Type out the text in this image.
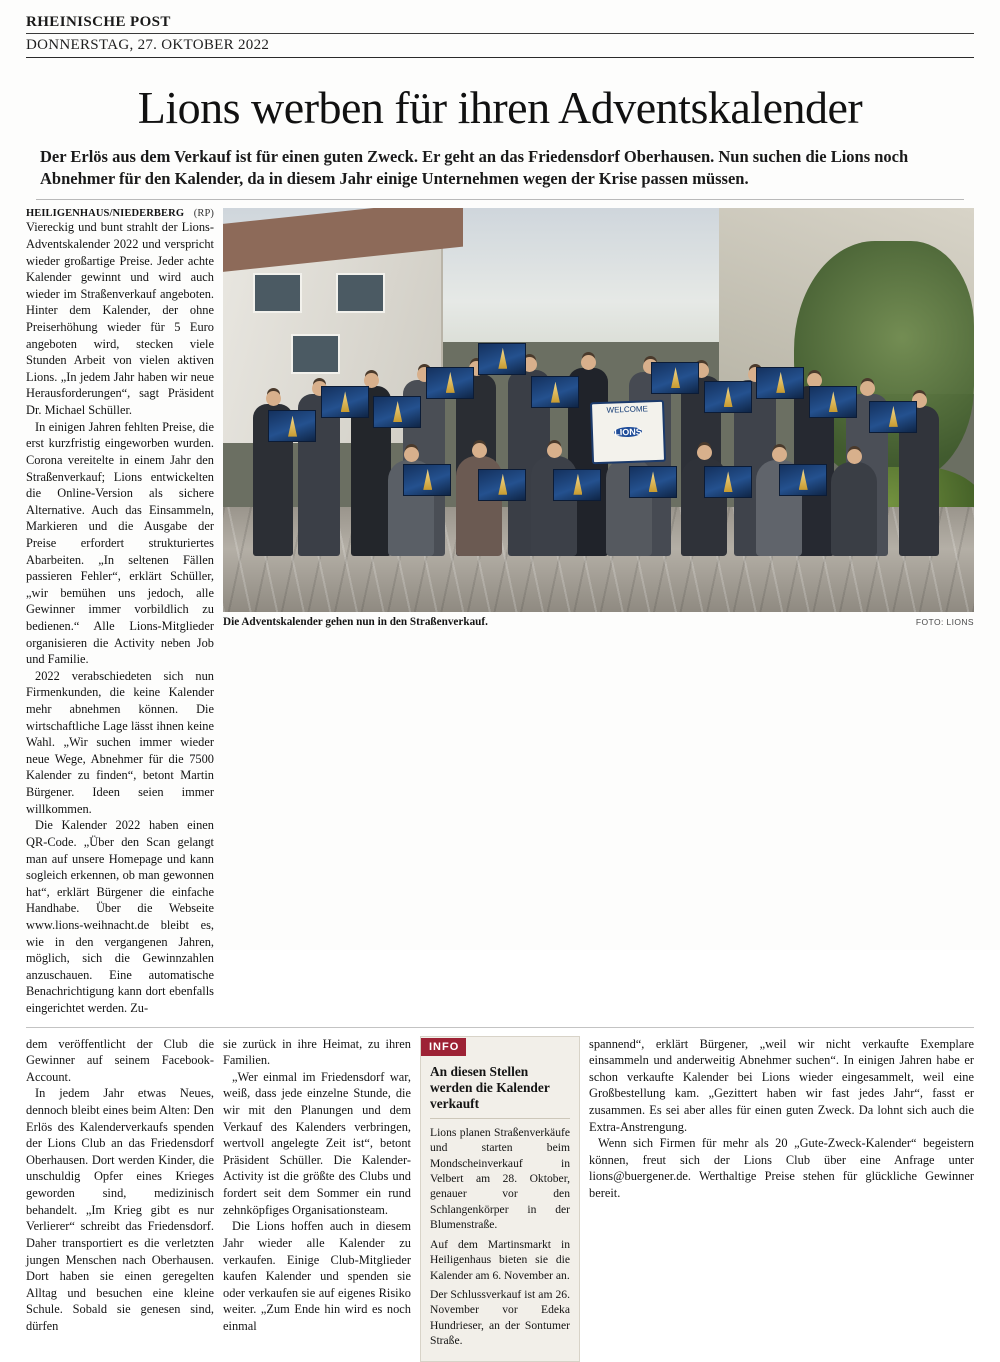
RHEINISCHE POST
DONNERSTAG, 27. OKTOBER 2022
Lions werben für ihren Adventskalender

Der Erlös aus dem Verkauf ist für einen guten Zweck. Er geht an das Friedensdorf Oberhausen. Nun suchen die Lions noch Abnehmer für den Kalender, da in diesem Jahr einige Unternehmen wegen der Krise passen müssen.

(RP)
HEILIGENHAUS/NIEDERBERG

Viereckig und bunt strahlt der Lions-Adventskalender 2022 und verspricht wieder großartige Preise. Jeder achte Kalender gewinnt und wird auch wieder im Straßenverkauf angeboten. Hinter dem Kalender, der ohne Preiserhöhung wieder für 5 Euro angeboten wird, stecken viele Stunden Arbeit von vielen aktiven Lions. „In jedem Jahr haben wir neue Herausforderungen“, sagt Präsident Dr. Michael Schüller.

In einigen Jahren fehlten Preise, die erst kurzfristig eingeworben wurden. Corona vereitelte in einem Jahr den Straßenverkauf; Lions entwickelten die Online-Version als sichere Alternative. Auch das Einsammeln, Markieren und die Ausgabe der Preise erfordert strukturiertes Abarbeiten. „In seltenen Fällen passieren Fehler“, erklärt Schüller, „wir bemühen uns jedoch, alle Gewinner immer vorbildlich zu bedienen.“ Alle Lions-Mitglieder organisieren die Activity neben Job und Familie.

2022 verabschiedeten sich nun Firmenkunden, die keine Kalender mehr abnehmen können. Die wirtschaftliche Lage lässt ihnen keine Wahl. „Wir suchen immer wieder neue Wege, Abnehmer für die 7500 Kalender zu finden“, betont Martin Bürgener. Ideen seien immer willkommen.

Die Kalender 2022 haben einen QR-Code. „Über den Scan gelangt man auf unsere Homepage und kann sogleich erkennen, ob man gewonnen hat“, erklärt Bürgener die einfache Handhabe. Über die Webseite www.lions-weihnacht.de bleibt es, wie in den vergangenen Jahren, möglich, sich die Gewinnzahlen anzuschauen. Eine automatische Benachrichtigung kann dort ebenfalls eingerichtet werden. Zu-

WELCOME LIONS
Die Adventskalender gehen nun in den Straßenverkauf.	FOTO: LIONS

dem veröffentlicht der Club die Gewinner auf seinem Facebook-Account.

In jedem Jahr etwas Neues, dennoch bleibt eines beim Alten: Den Erlös des Kalenderverkaufs spenden der Lions Club an das Friedensdorf Oberhausen. Dort werden Kinder, die unschuldig Opfer eines Krieges geworden sind, medizinisch behandelt. „Im Krieg gibt es nur Verlierer“ schreibt das Friedensdorf. Daher transportiert es die verletzten jungen Menschen nach Oberhausen. Dort haben sie einen geregelten Alltag und besuchen eine kleine Schule. Sobald sie genesen sind, dürfen

sie zurück in ihre Heimat, zu ihren Familien.

„Wer einmal im Friedensdorf war, weiß, dass jede einzelne Stunde, die wir mit den Planungen und dem Verkauf des Kalenders verbringen, wertvoll angelegte Zeit ist“, betont Präsident Schüller. Die Kalender-Activity ist die größte des Clubs und fordert seit dem Sommer ein rund zehnköpfiges Organisationsteam.

Die Lions hoffen auch in diesem Jahr wieder alle Kalender zu verkaufen. Einige Club-Mitglieder kaufen Kalender und spenden sie oder verkaufen sie auf eigenes Risiko weiter. „Zum Ende hin wird es noch einmal

INFO
An diesen Stellen werden die Kalender verkauft

Lions planen Straßenverkäufe und starten beim Mondscheinverkauf in Velbert am 28. Oktober, genauer vor den Schlangenkörper in der Blumenstraße.

Auf dem Martinsmarkt in Heiligenhaus bieten sie die Kalender am 6. November an.

Der Schlussverkauf ist am 26. November vor Edeka Hundrieser, an der Sontumer Straße.

spannend“, erklärt Bürgener, „weil wir nicht verkaufte Exemplare einsammeln und anderweitig Abnehmer suchen“. In einigen Jahren habe er schon verkaufte Kalender bei Lions wieder eingesammelt, weil eine Großbestellung kam. „Gezittert haben wir fast jedes Jahr“, fasst er zusammen. Es sei aber alles für einen guten Zweck. Da lohnt sich auch die Extra-Anstrengung.

Wenn sich Firmen für mehr als 20 „Gute-Zweck-Kalender“ begeistern können, freut sich der Lions Club über eine Anfrage unter lions@buergener.de. Werthaltige Preise stehen für glückliche Gewinner bereit.
